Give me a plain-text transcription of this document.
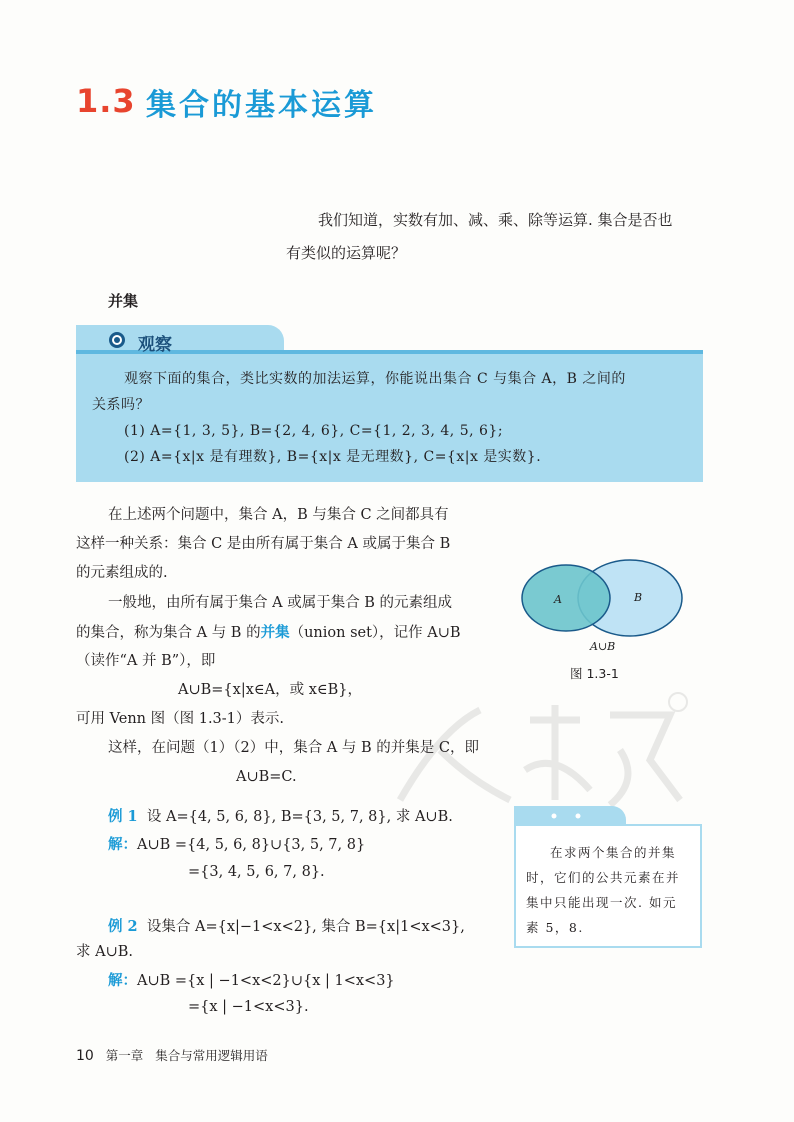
1.3 集合的基本运算
我们知道，实数有加、减、乘、除等运算. 集合是否也
有类似的运算呢？
并集
观察
观察下面的集合，类比实数的加法运算，你能说出集合 C 与集合 A，B 之间的
关系吗？
(1) A={1, 3, 5}, B={2, 4, 6}, C={1, 2, 3, 4, 5, 6};
(2) A={x|x 是有理数}, B={x|x 是无理数}, C={x|x 是实数}.
在上述两个问题中，集合 A，B 与集合 C 之间都具有
这样一种关系：集合 C 是由所有属于集合 A 或属于集合 B
的元素组成的.
一般地，由所有属于集合 A 或属于集合 B 的元素组成
的集合，称为集合 A 与 B 的并集（union set），记作 A∪B
（读作“A 并 B”），即
A∪B={x|x∈A，或 x∈B}，
可用 Venn 图（图 1.3-1）表示.
这样，在问题（1）（2）中，集合 A 与 B 的并集是 C，即
A∪B=C.
A	B
A∪B
图 1.3-1
例 1 设 A={4, 5, 6, 8}, B={3, 5, 7, 8}, 求 A∪B.
解：A∪B ={4, 5, 6, 8}∪{3, 5, 7, 8}
={3, 4, 5, 6, 7, 8}.
例 2 设集合 A={x|−1<x<2}, 集合 B={x|1<x<3},
求 A∪B.
解：A∪B ={x | −1<x<2}∪{x | 1<x<3}
={x | −1<x<3}.
在求两个集合的并集
时，它们的公共元素在并
集中只能出现一次. 如元
素 5，8.
10 第一章 集合与常用逻辑用语
